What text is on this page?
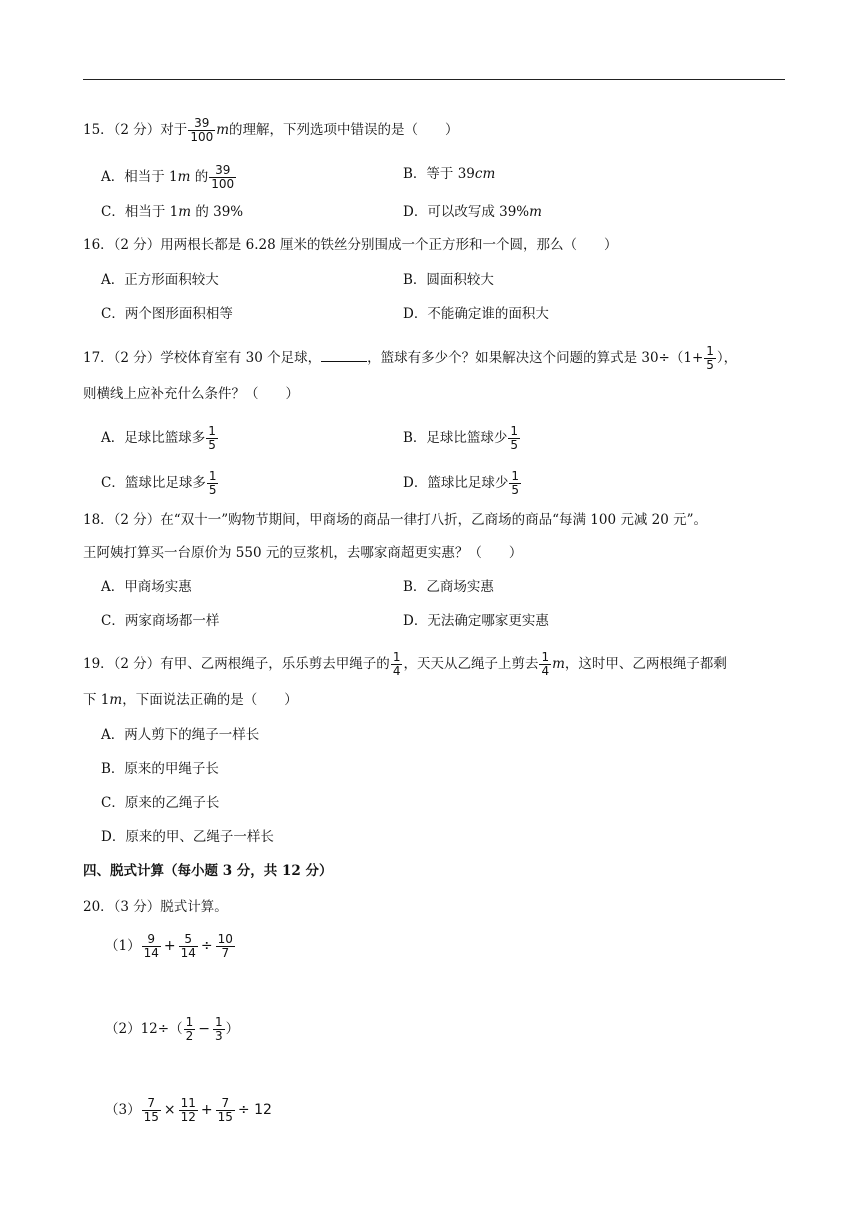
15．（2 分）对于 $\frac{39}{100}$ m的理解，下列选项中错误的是（　　）
A．相当于 1m 的 $\frac{39}{100}$	B．等于 39cm
C．相当于 1m 的 39%	D．可以改写成 39%m
16．（2 分）用两根长都是 6.28 厘米的铁丝分别围成一个正方形和一个圆，那么（　　）
A．正方形面积较大	B．圆面积较大
C．两个图形面积相等	D．不能确定谁的面积大
17．（2 分）学校体育室有 30 个足球，	，篮球有多少个？如果解决这个问题的算式是 $30\div(1+ \frac{1}{5}$ ），
则横线上应补充什么条件？（　　）
A．足球比篮球多 $\frac{1}{5}$	B．足球比篮球少 $\frac{1}{5}$
C．篮球比足球多 $\frac{1}{5}$	D．篮球比足球少 $\frac{1}{5}$
18．（2 分）在“双十一”购物节期间，甲商场的商品一律打八折，乙商场的商品“每满 100 元减 20 元”。
王阿姨打算买一台原价为 550 元的豆浆机，去哪家商超更实惠？（　　）
A．甲商场实惠	B．乙商场实惠
C．两家商场都一样	D．无法确定哪家更实惠
19．（2 分）有甲、乙两根绳子，乐乐剪去甲绳子的 $\frac{1}{4}$ ，天天从乙绳子上剪去 $\frac{1}{4}$ m，这时甲、乙两根绳子都剩
下 1m，下面说法正确的是（　　）
A．两人剪下的绳子一样长
B．原来的甲绳子长
C．原来的乙绳子长
D．原来的甲、乙绳子一样长
四、脱式计算（每小题 3 分，共 12 分）
20．（3 分）脱式计算。
$(1) \frac{9}{14} + \frac{5}{14} \div \frac{10}{7}$
$(2)12\div( \frac{1}{2} - \frac{1}{3}$ ）
$(3) \frac{7}{15} \times \frac{11}{12} + \frac{7}{15} \div 12$
